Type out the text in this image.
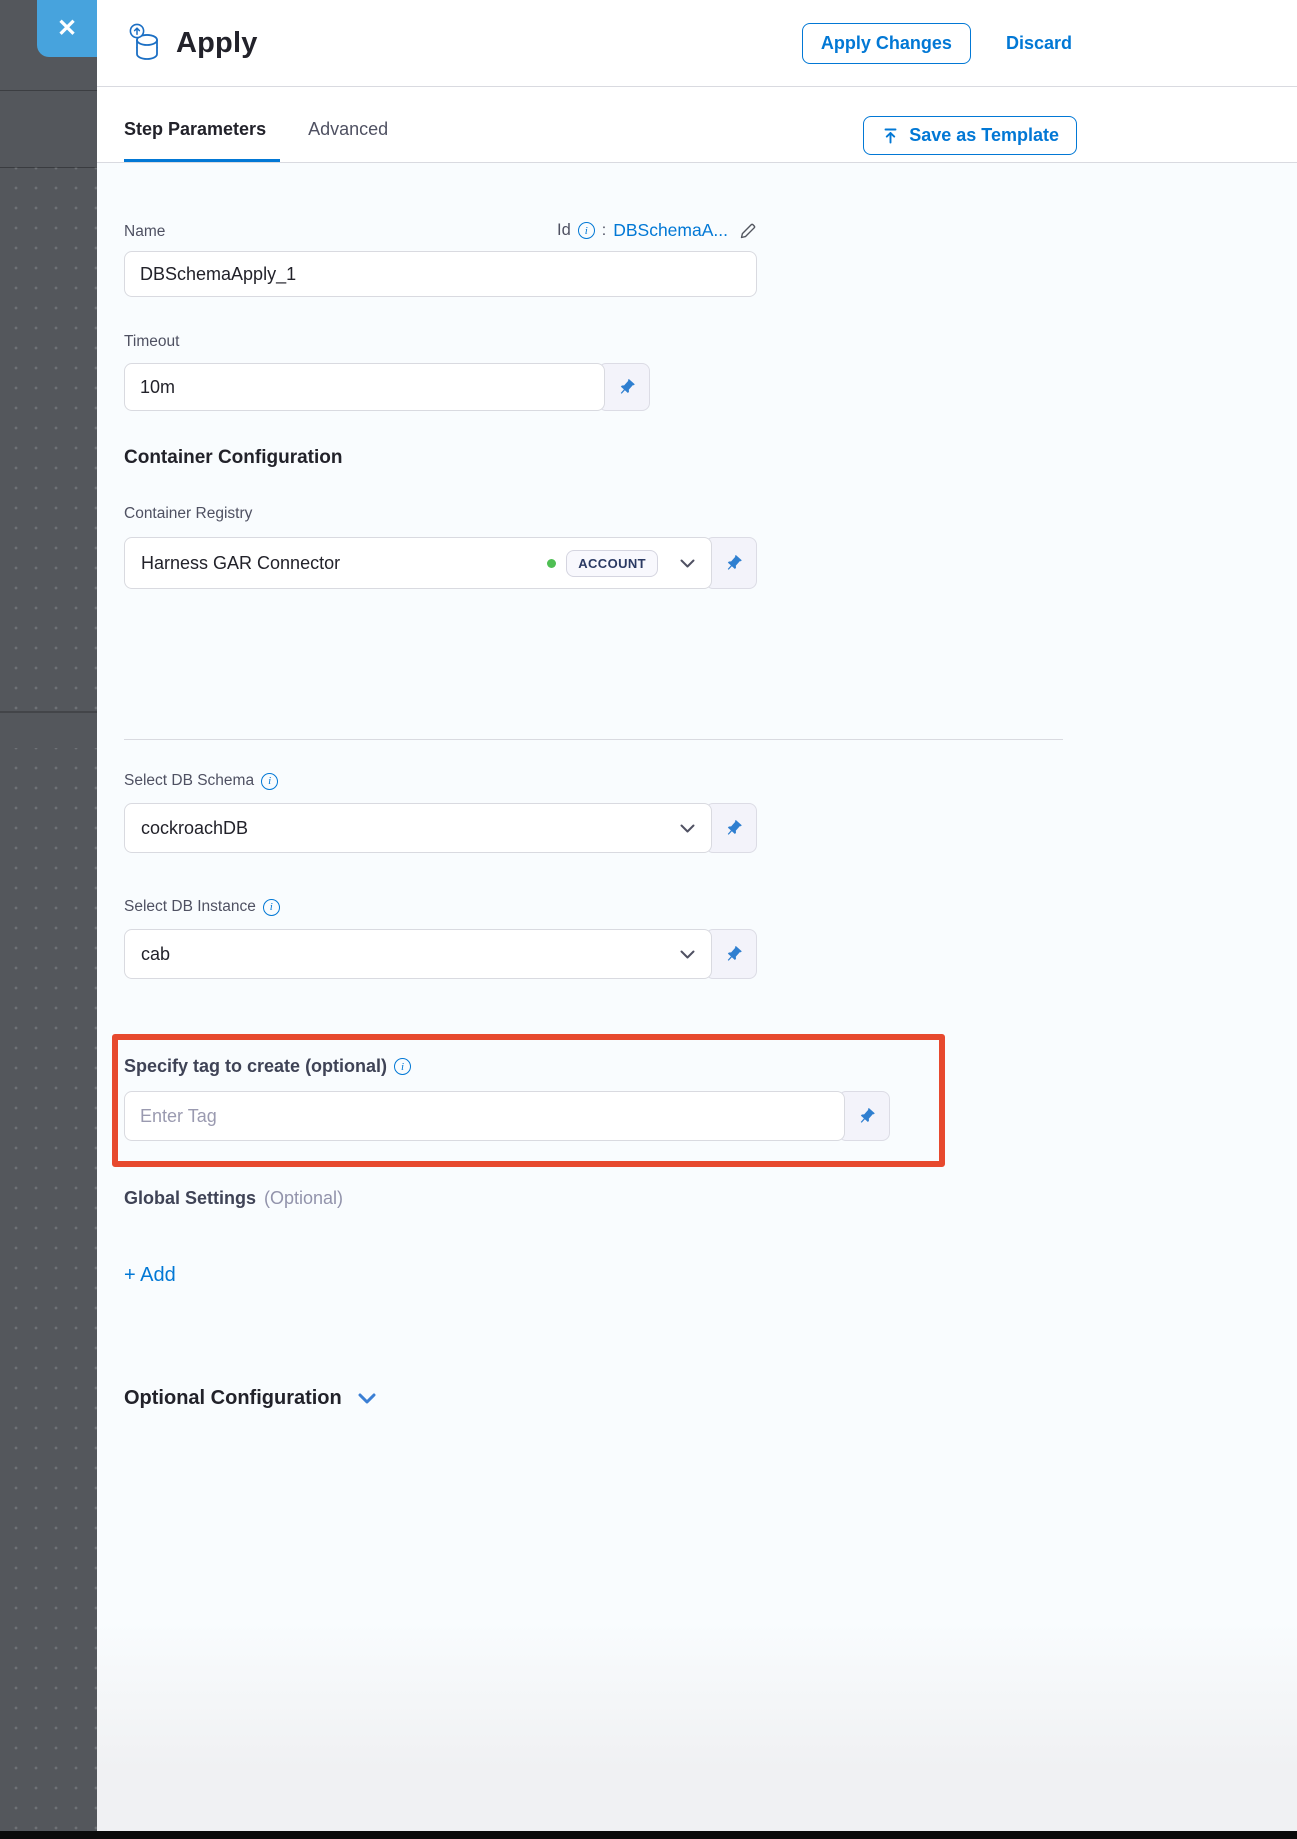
✕	Apply	Apply Changes	Discard
Step Parameters	Advanced	Save as Template
Name	Id	i : DBSchemaA...
DBSchemaApply_1
Timeout
10m
Container Configuration
Container Registry
Harness GAR Connector	ACCOUNT
Select DB Schema	i
cockroachDB
Select DB Instance	i
cab
Specify tag to create (optional)	i
Enter Tag
Global Settings (Optional)
+ Add
Optional Configuration
